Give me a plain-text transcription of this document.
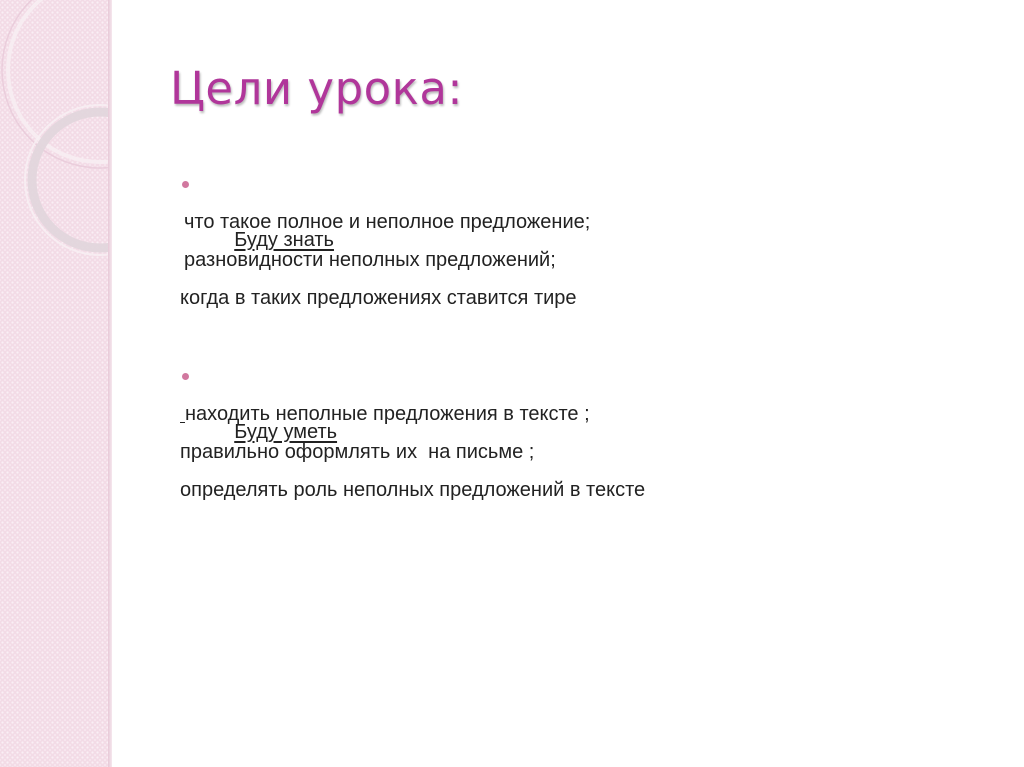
Цели урока:

Буду знать

что такое полное и неполное предложение;
разновидности неполных предложений;
когда в таких предложениях ставится тире

Буду уметь

находить неполные предложения в тексте ;
правильно оформлять их  на письме ;
определять роль неполных предложений в тексте
